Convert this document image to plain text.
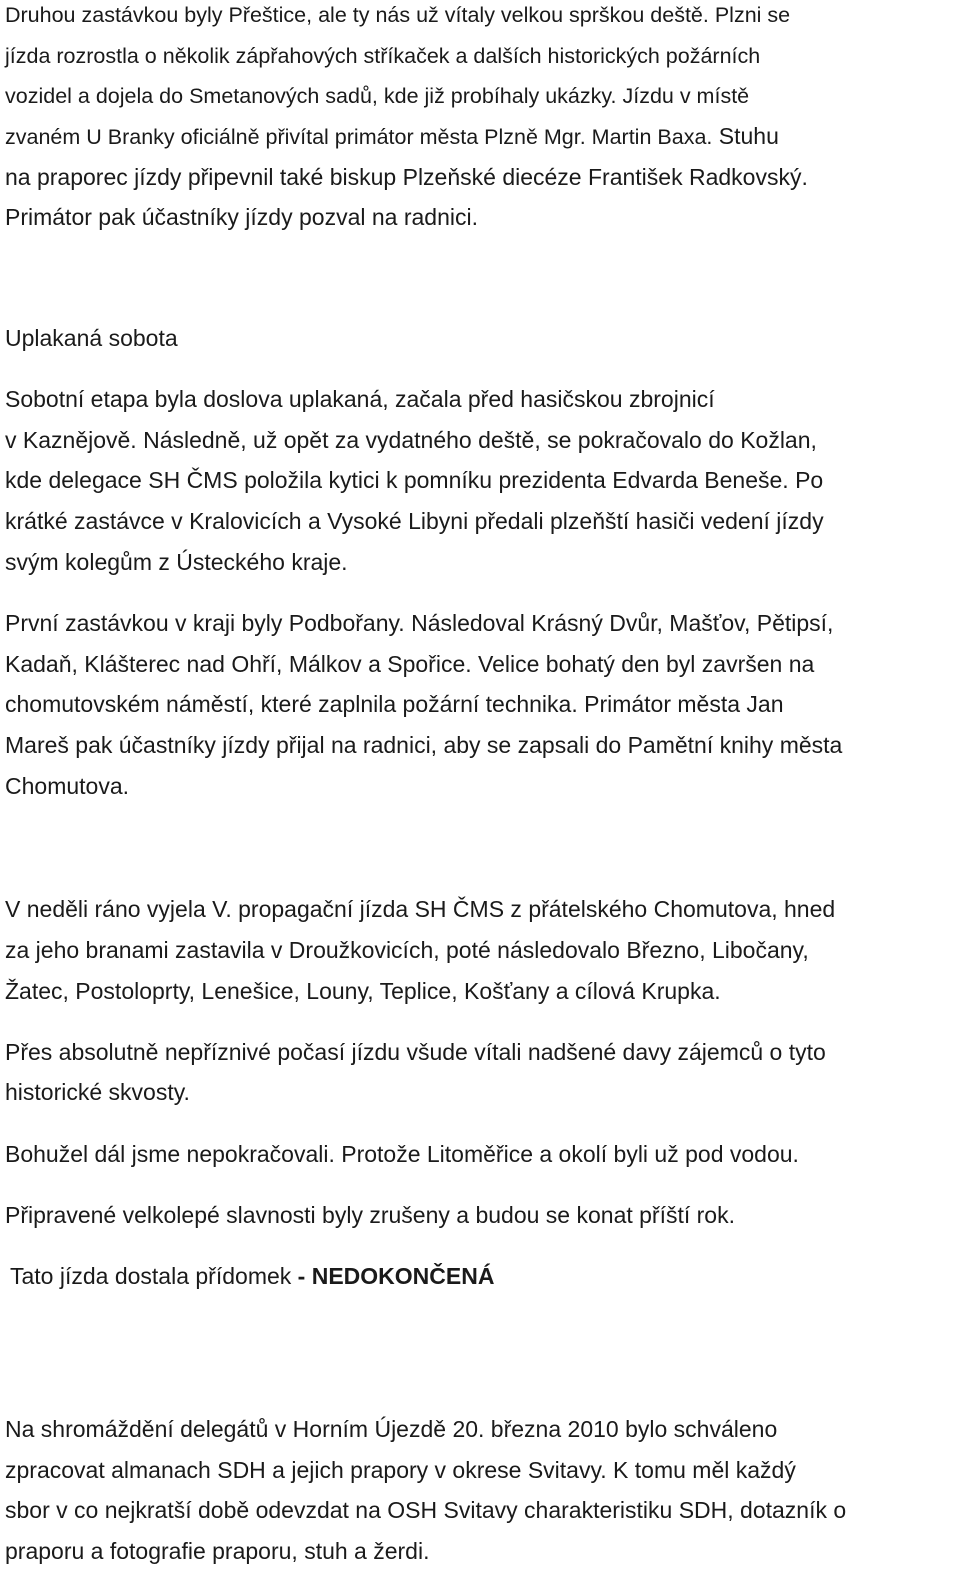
Druhou zastávkou byly Přeštice, ale ty nás už vítaly velkou sprškou deště. Plzni se
jízda rozrostla o několik zápřahových stříkaček a dalších historických požárních
vozidel a dojela do Smetanových sadů, kde již probíhaly ukázky. Jízdu v místě
zvaném U Branky oficiálně přivítal primátor města Plzně Mgr. Martin Baxa. Stuhu
na praporec jízdy připevnil také biskup Plzeňské diecéze František Radkovský.
Primátor pak účastníky jízdy pozval na radnici.
Uplakaná sobota
Sobotní etapa byla doslova uplakaná, začala před hasičskou zbrojnicí
v Kaznějově. Následně, už opět za vydatného deště, se pokračovalo do Kožlan,
kde delegace SH ČMS položila kytici k pomníku prezidenta Edvarda Beneše. Po
krátké zastávce v Kralovicích a Vysoké Libyni předali plzeňští hasiči vedení jízdy
svým kolegům z Ústeckého kraje.
První zastávkou v kraji byly Podbořany. Následoval Krásný Dvůr, Mašťov, Pětipsí,
Kadaň, Klášterec nad Ohří, Málkov a Spořice. Velice bohatý den byl završen na
chomutovském náměstí, které zaplnila požární technika. Primátor města Jan
Mareš pak účastníky jízdy přijal na radnici, aby se zapsali do Pamětní knihy města
Chomutova.
V neděli ráno vyjela V. propagační jízda SH ČMS z přátelského Chomutova, hned
za jeho branami zastavila v Droužkovicích, poté následovalo Březno, Libočany,
Žatec, Postoloprty, Lenešice, Louny, Teplice, Košťany a cílová Krupka.
Přes absolutně nepříznivé počasí jízdu všude vítali nadšené davy zájemců o tyto
historické skvosty.
Bohužel dál jsme nepokračovali. Protože Litoměřice a okolí byli už pod vodou.
Připravené velkolepé slavnosti byly zrušeny a budou se konat příští rok.
Tato jízda dostala přídomek - NEDOKONČENÁ
Na shromáždění delegátů v Horním Újezdě 20. března 2010 bylo schváleno
zpracovat almanach SDH a jejich prapory v okrese Svitavy. K tomu měl každý
sbor v co nejkratší době odevzdat na OSH Svitavy charakteristiku SDH, dotazník o
praporu a fotografie praporu, stuh a žerdi.
